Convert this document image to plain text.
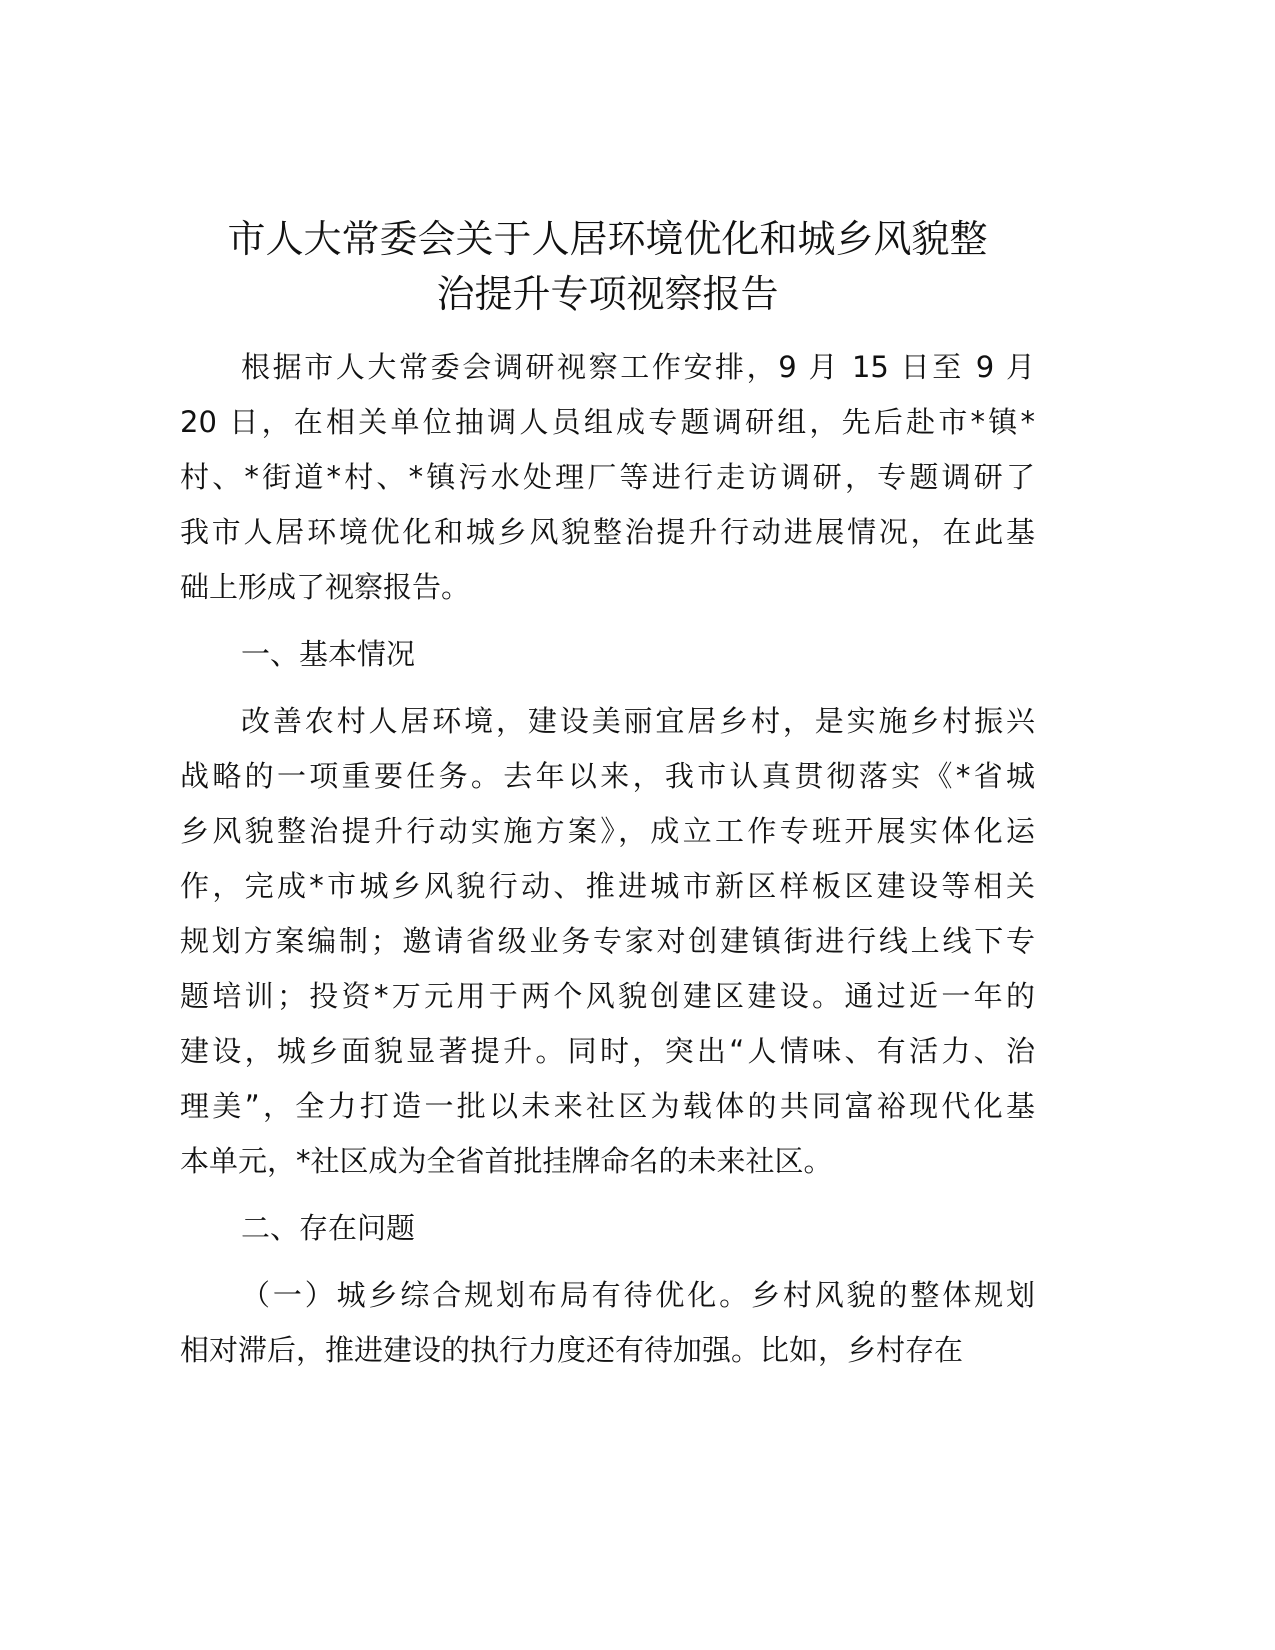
市人大常委会关于人居环境优化和城乡风貌整
治提升专项视察报告
根据市人大常委会调研视察工作安排，9 月 15 日至 9 月
20 日，在相关单位抽调人员组成专题调研组，先后赴市*镇*
村、*街道*村、*镇污水处理厂等进行走访调研，专题调研了
我市人居环境优化和城乡风貌整治提升行动进展情况，在此基
础上形成了视察报告。
一、基本情况
改善农村人居环境，建设美丽宜居乡村，是实施乡村振兴
战略的一项重要任务。去年以来，我市认真贯彻落实《*省城
乡风貌整治提升行动实施方案》，成立工作专班开展实体化运
作，完成*市城乡风貌行动、推进城市新区样板区建设等相关
规划方案编制；邀请省级业务专家对创建镇街进行线上线下专
题培训；投资*万元用于两个风貌创建区建设。通过近一年的
建设，城乡面貌显著提升。同时，突出“人情味、有活力、治
理美”，全力打造一批以未来社区为载体的共同富裕现代化基
本单元，*社区成为全省首批挂牌命名的未来社区。
二、存在问题
（一）城乡综合规划布局有待优化。乡村风貌的整体规划
相对滞后，推进建设的执行力度还有待加强。比如，乡村存在
